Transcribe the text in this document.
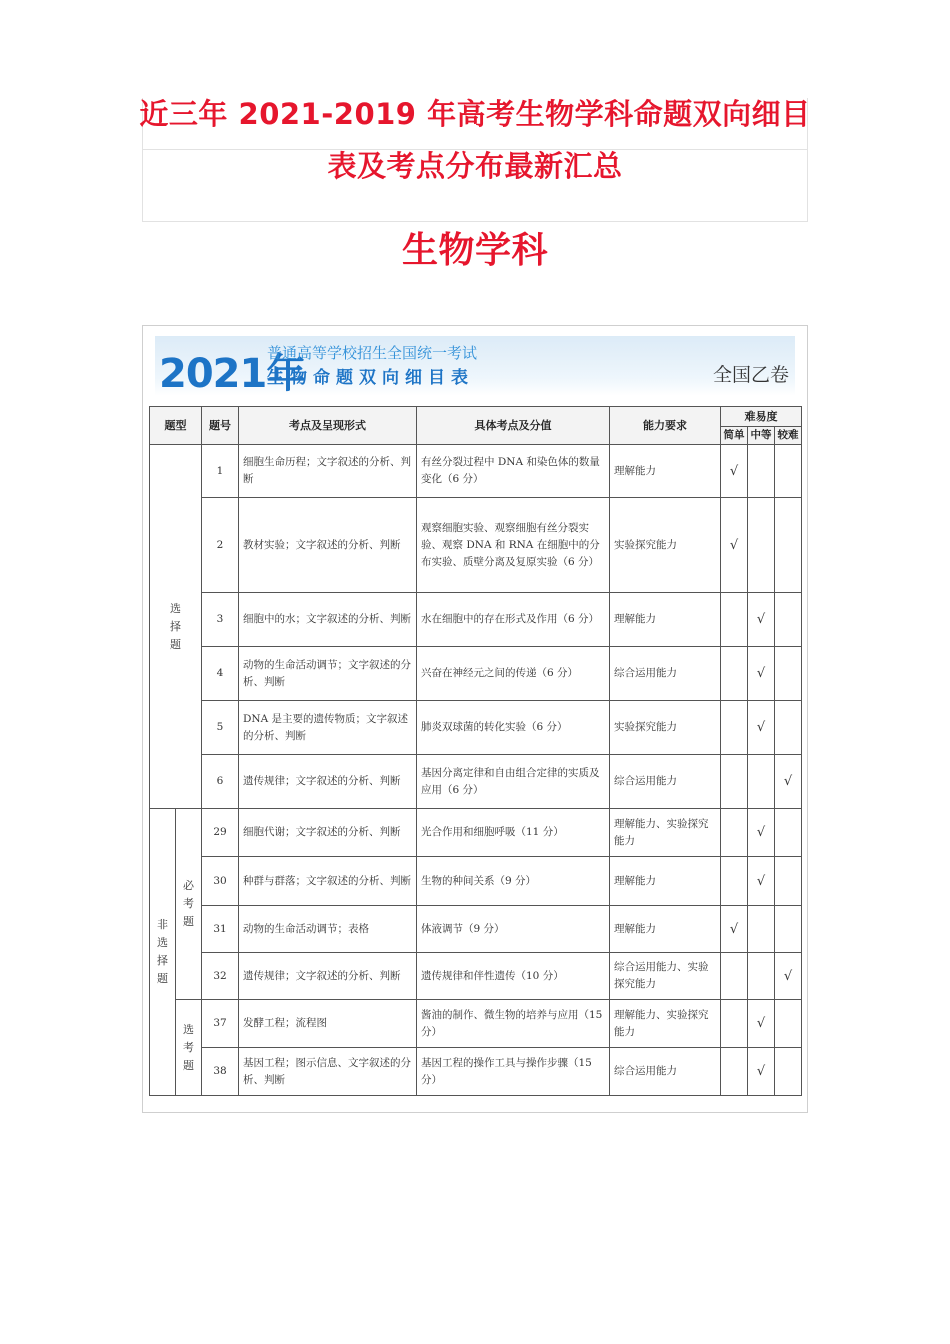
近三年 2021-2019 年高考生物学科命题双向细目
表及考点分布最新汇总
生物学科
2021年
普通高等学校招生全国统一考试
生物命题双向细目表	全国乙卷
题型		题号	考点及呈现形式	具体考点及分值	能力要求	难易度		
						简单	中等	较难
选择题		1	细胞生命历程；文字叙述的分析、判断	有丝分裂过程中 DNA 和染色体的数量变化（6 分）	理解能力	√		
		2	教材实验；文字叙述的分析、判断	观察细胞实验、观察细胞有丝分裂实验、观察 DNA 和 RNA 在细胞中的分布实验、质壁分离及复原实验（6 分）	实验探究能力	√		
		3	细胞中的水；文字叙述的分析、判断	水在细胞中的存在形式及作用（6 分）	理解能力		√	
		4	动物的生命活动调节；文字叙述的分析、判断	兴奋在神经元之间的传递（6 分）	综合运用能力		√	
		5	DNA 是主要的遗传物质；文字叙述的分析、判断	肺炎双球菌的转化实验（6 分）	实验探究能力		√	
		6	遗传规律；文字叙述的分析、判断	基因分离定律和自由组合定律的实质及应用（6 分）	综合运用能力			√
非选择题	必考题	29	细胞代谢；文字叙述的分析、判断	光合作用和细胞呼吸（11 分）	理解能力、实验探究能力		√	
		30	种群与群落；文字叙述的分析、判断	生物的种间关系（9 分）	理解能力		√	
		31	动物的生命活动调节；表格	体液调节（9 分）	理解能力	√		
		32	遗传规律；文字叙述的分析、判断	遗传规律和伴性遗传（10 分）	综合运用能力、实验探究能力			√
	选考题	37	发酵工程；流程图	酱油的制作、微生物的培养与应用（15 分）	理解能力、实验探究能力		√	
		38	基因工程；图示信息、文字叙述的分析、判断	基因工程的操作工具与操作步骤（15 分）	综合运用能力		√	
